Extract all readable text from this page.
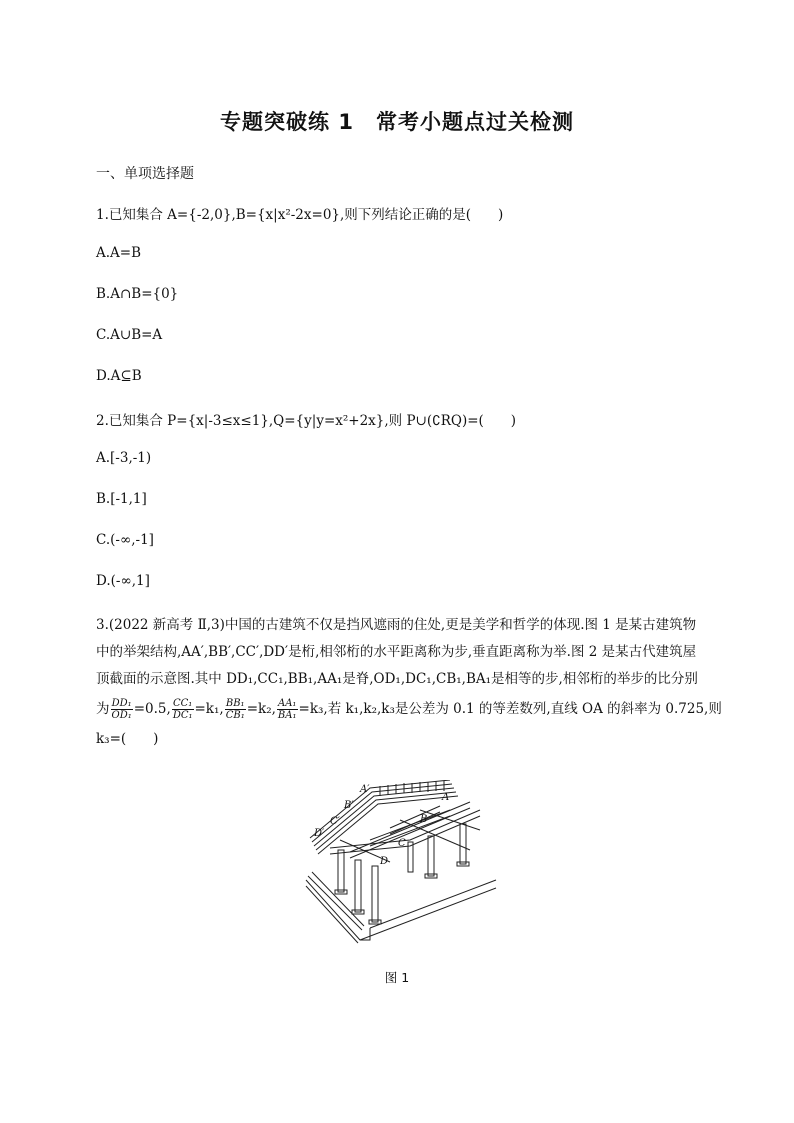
专题突破练 1　常考小题点过关检测
一、单项选择题
1.已知集合 A={-2,0},B={x|x²-2x=0},则下列结论正确的是(　　)
A.A=B
B.A∩B={0}
C.A∪B=A
D.A⊆B
2.已知集合 P={x|-3≤x≤1},Q={y|y=x²+2x},则 P∪(∁RQ)=(　　)
A.[-3,-1)
B.[-1,1]
C.(-∞,-1]
D.(-∞,1]

3.(2022 新高考 Ⅱ,3)中国的古建筑不仅是挡风遮雨的住处,更是美学和哲学的体现.图 1 是某古建筑物

中的举架结构,AA′,BB′,CC′,DD′是桁,相邻桁的水平距离称为步,垂直距离称为举.图 2 是某古代建筑屋

顶截面的示意图.其中 DD₁,CC₁,BB₁,AA₁是脊,OD₁,DC₁,CB₁,BA₁是相等的步,相邻桁的举步的比分别

为 $\frac{\text{DD₁}}{\text{OD₁}} =0.5$, $\frac{\text{CC₁}}{\text{DC₁}} =k_1$, $\frac{\text{BB₁}}{\text{CB₁}} =k_2$, $\frac{\text{AA₁}}{\text{BA₁}} =k_3$,若 k₁,k₂,k₃是公差为 0.1 的等差数列,直线 OA 的斜率为 0.725,则

k₃=(　　)

A′
B′
C′
D′
A
B
C
D
图 1
